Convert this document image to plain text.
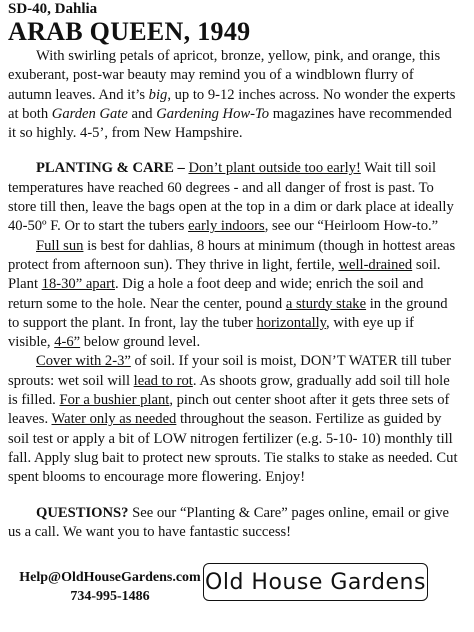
SD-40, Dahlia
ARAB QUEEN, 1949

With swirling petals of apricot, bronze, yellow, pink, and orange, this exuberant, post-war beauty may remind you of a windblown flurry of autumn leaves. And it’s big, up to 9-12 inches across. No wonder the experts at both Garden Gate and Gardening How-To magazines have recommended it so highly. 4-5’, from New Hampshire.

PLANTING & CARE – Don’t plant outside too early! Wait till soil temperatures have reached 60 degrees - and all danger of frost is past. To store till then, leave the bags open at the top in a dim or dark place at ideally 40-50º F. Or to start the tubers early indoors, see our “Heirloom How-to.”

Full sun is best for dahlias, 8 hours at minimum (though in hottest areas protect from afternoon sun). They thrive in light, fertile, well-drained soil. Plant 18-30” apart. Dig a hole a foot deep and wide; enrich the soil and return some to the hole. Near the center, pound a sturdy stake in the ground to support the plant. In front, lay the tuber horizontally, with eye up if visible, 4-6” below ground level.

Cover with 2-3” of soil. If your soil is moist, DON’T WATER till tuber sprouts: wet soil will lead to rot. As shoots grow, gradually add soil till hole is filled. For a bushier plant, pinch out center shoot after it gets three sets of leaves. Water only as needed throughout the season. Fertilize as guided by soil test or apply a bit of LOW nitrogen fertilizer (e.g. 5-10- 10) monthly till fall. Apply slug bait to protect new sprouts. Tie stalks to stake as needed. Cut spent blooms to encourage more flowering. Enjoy!

QUESTIONS? See our “Planting & Care” pages online, email or give us a call. We want you to have fantastic success!

Help@OldHouseGardens.com
734-995-1486
Old House Gardens
